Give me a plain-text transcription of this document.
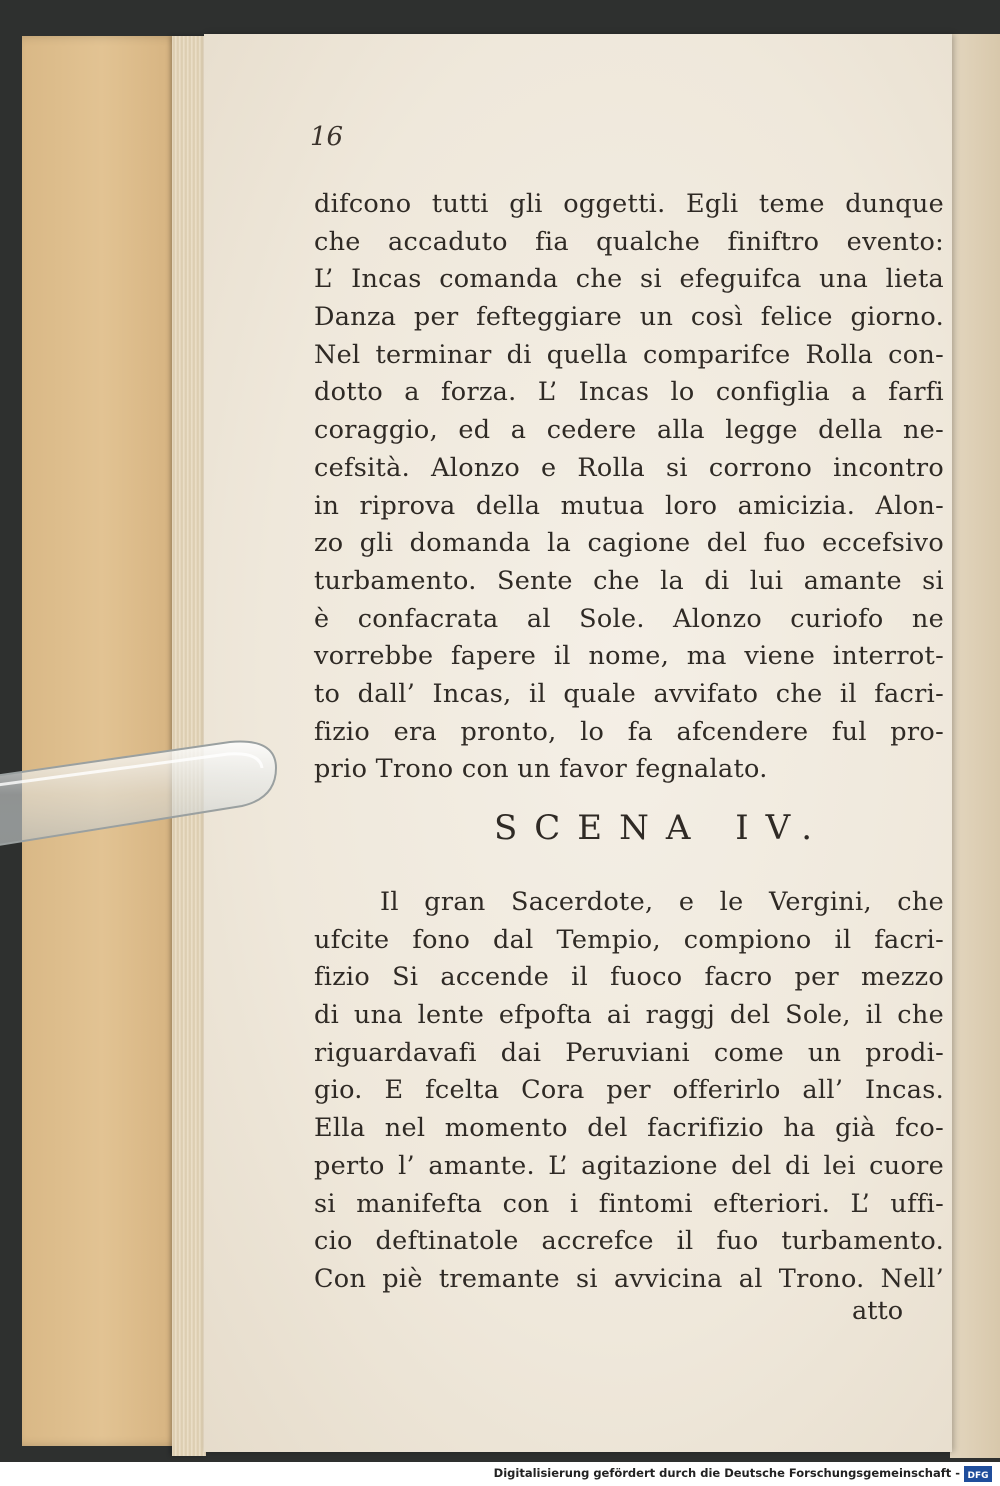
16
difcono tutti gli oggetti. Egli teme dunque
che accaduto fia qualche finiftro evento:
L’ Incas comanda che si efeguifca una lieta
Danza per fefteggiare un così felice giorno.
Nel terminar di quella comparifce Rolla con-
dotto a forza. L’ Incas lo configlia a farfi
coraggio, ed a cedere alla legge della ne-
cefsità. Alonzo e Rolla si corrono incontro
in riprova della mutua loro amicizia. Alon-
zo gli domanda la cagione del fuo eccefsivo
turbamento. Sente che la di lui amante si
è confacrata al Sole. Alonzo curiofo ne
vorrebbe fapere il nome, ma viene interrot-
to dall’ Incas, il quale avvifato che il facri-
fizio era pronto, lo fa afcendere ful pro-
prio Trono con un favor fegnalato.
SCENA IV.
Il gran Sacerdote, e le Vergini, che
ufcite fono dal Tempio, compiono il facri-
fizio Si accende il fuoco facro per mezzo
di una lente efpofta ai raggj del Sole, il che
riguardavafi dai Peruviani come un prodi-
gio. E fcelta Cora per offerirlo all’ Incas.
Ella nel momento del facrifizio ha già fco-
perto l’ amante. L’ agitazione del di lei cuore
si manifefta con i fintomi efteriori. L’ uffi-
cio deftinatole accrefce il fuo turbamento.
Con piè tremante si avvicina al Trono. Nell’
atto
Digitalisierung gefördert durch die Deutsche Forschungsgemeinschaft - DFG
